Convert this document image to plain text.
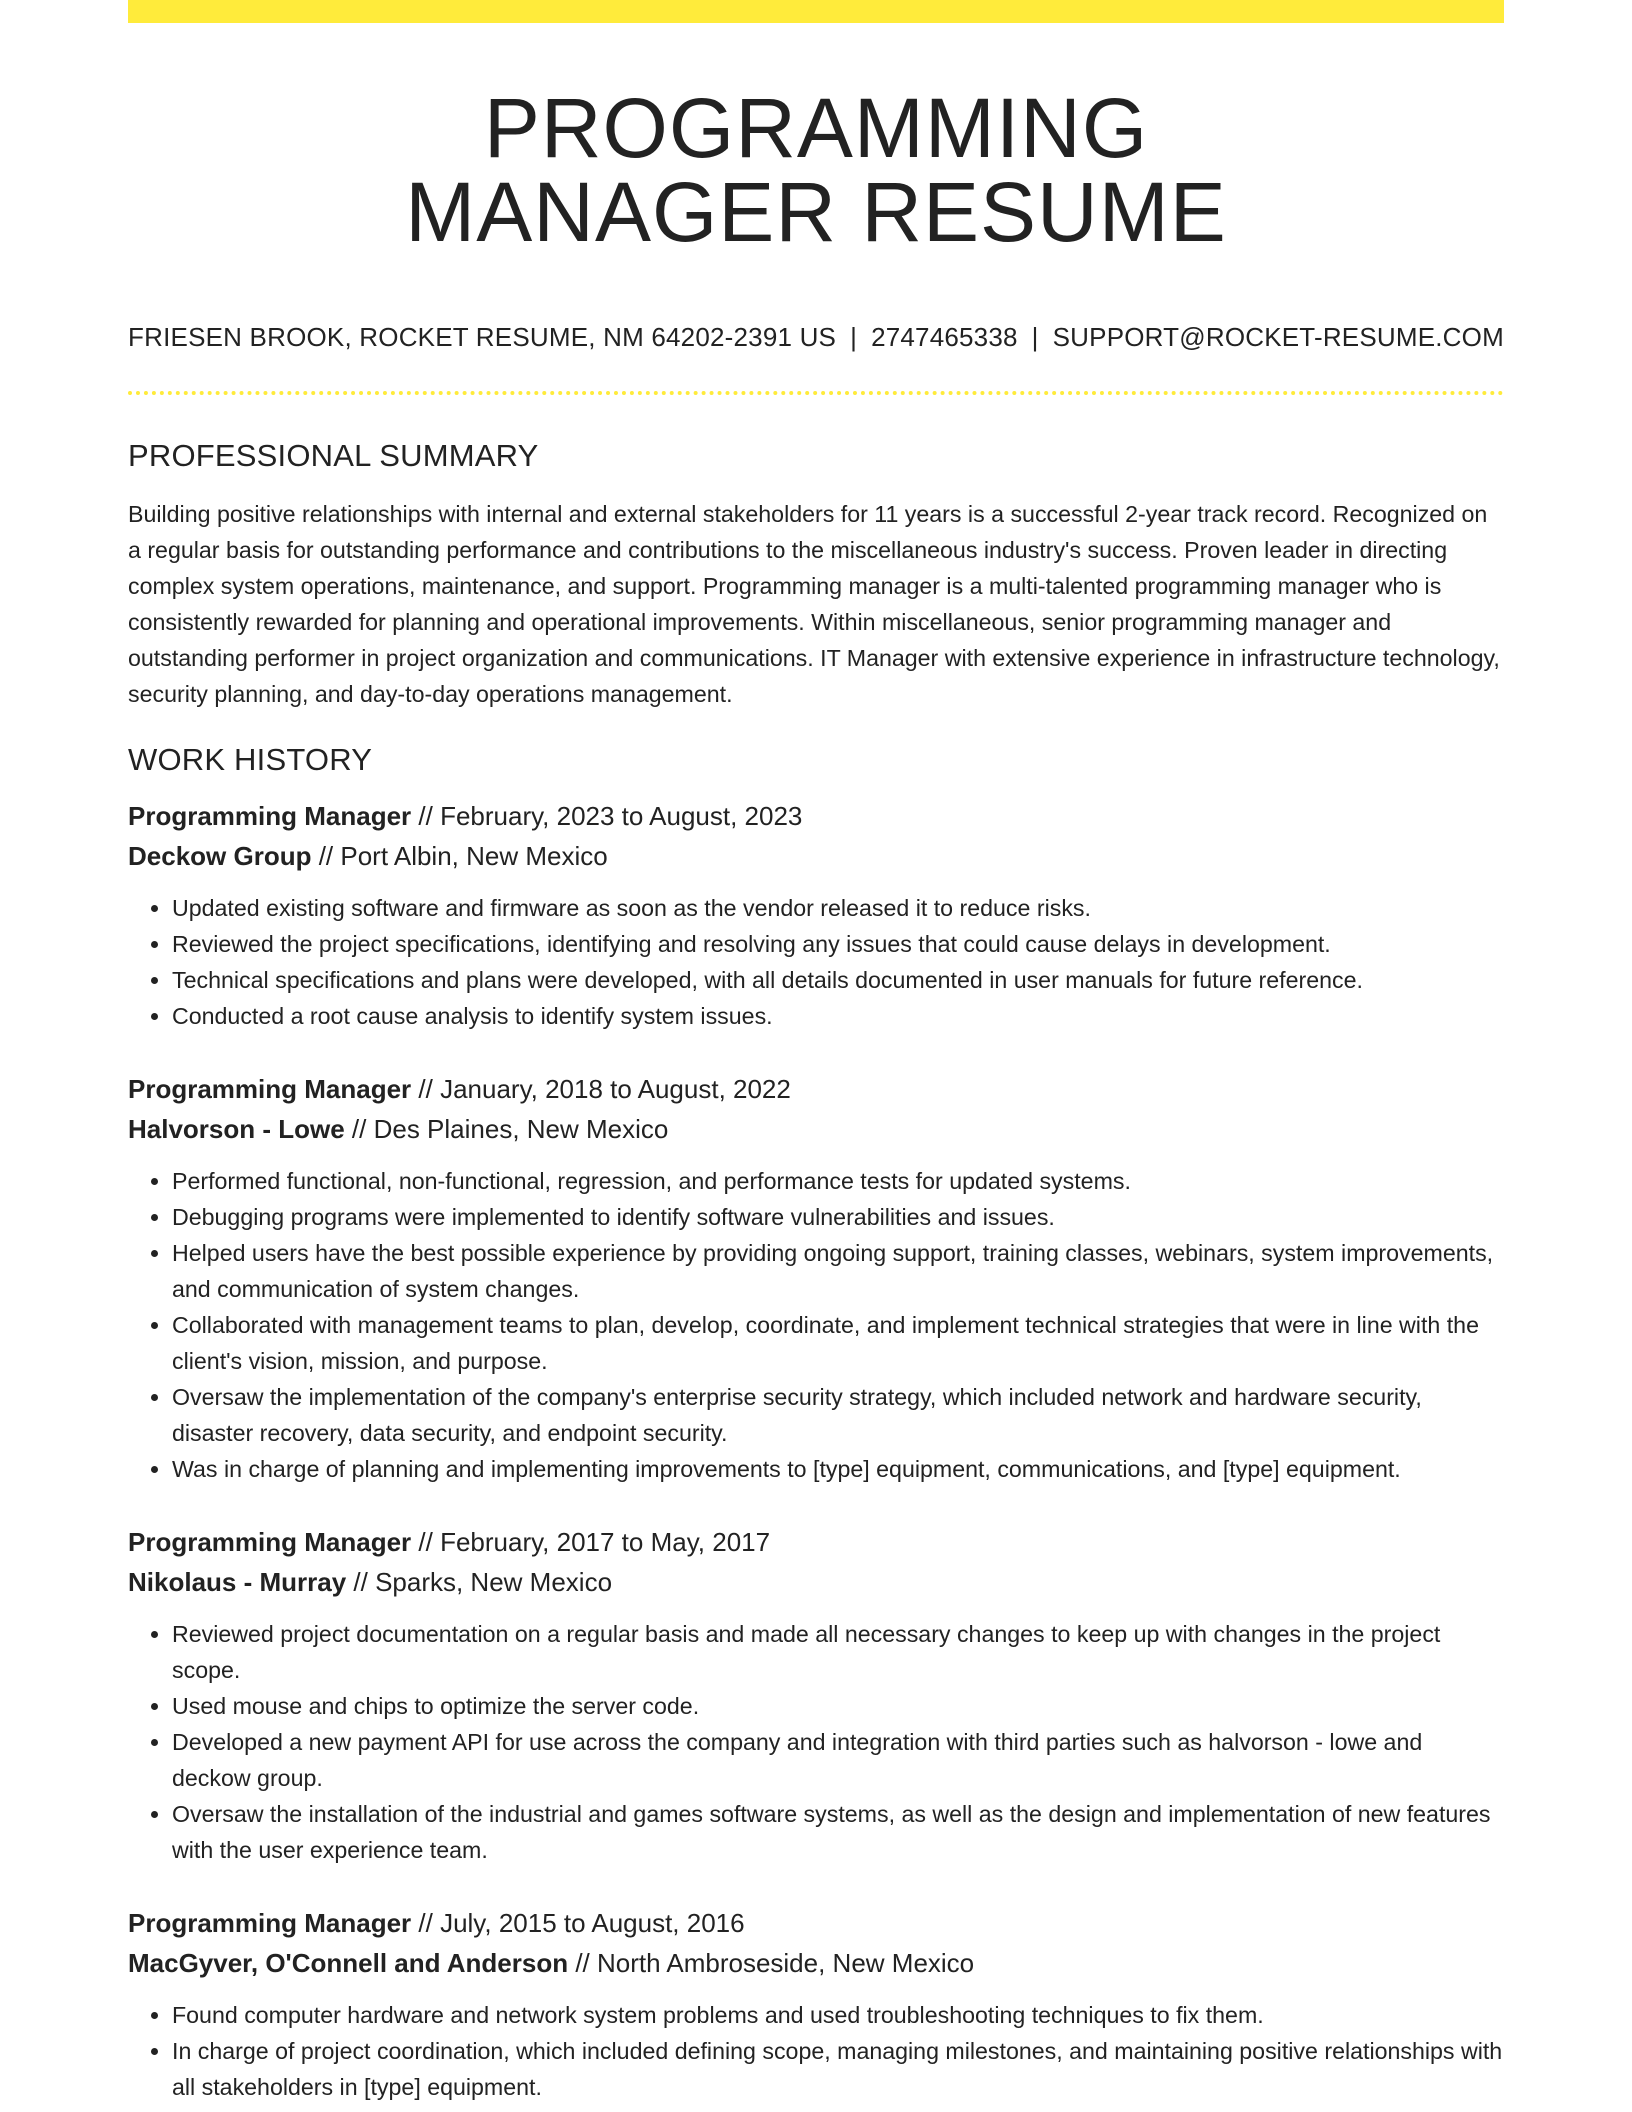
PROGRAMMING
MANAGER RESUME
FRIESEN BROOK, ROCKET RESUME, NM 64202-2391 US | 2747465338 | SUPPORT@ROCKET-RESUME.COM
PROFESSIONAL SUMMARY

Building positive relationships with internal and external stakeholders for 11 years is a successful 2-year track record. Recognized on a regular basis for outstanding performance and contributions to the miscellaneous industry's success. Proven leader in directing complex system operations, maintenance, and support. Programming manager is a multi-talented programming manager who is consistently rewarded for planning and operational improvements. Within miscellaneous, senior programming manager and outstanding performer in project organization and communications. IT Manager with extensive experience in infrastructure technology, security planning, and day-to-day operations management.

WORK HISTORY
Programming Manager // February, 2023 to August, 2023
Deckow Group // Port Albin, New Mexico
• Updated existing software and firmware as soon as the vendor released it to reduce risks.
• Reviewed the project specifications, identifying and resolving any issues that could cause delays in development.
• Technical specifications and plans were developed, with all details documented in user manuals for future reference.
• Conducted a root cause analysis to identify system issues.
Programming Manager // January, 2018 to August, 2022
Halvorson - Lowe // Des Plaines, New Mexico
• Performed functional, non-functional, regression, and performance tests for updated systems.
• Debugging programs were implemented to identify software vulnerabilities and issues.
• Helped users have the best possible experience by providing ongoing support, training classes, webinars, system improvements, and communication of system changes.
• Collaborated with management teams to plan, develop, coordinate, and implement technical strategies that were in line with the client's vision, mission, and purpose.
• Oversaw the implementation of the company's enterprise security strategy, which included network and hardware security, disaster recovery, data security, and endpoint security.
• Was in charge of planning and implementing improvements to [type] equipment, communications, and [type] equipment.
Programming Manager // February, 2017 to May, 2017
Nikolaus - Murray // Sparks, New Mexico
• Reviewed project documentation on a regular basis and made all necessary changes to keep up with changes in the project scope.
• Used mouse and chips to optimize the server code.
• Developed a new payment API for use across the company and integration with third parties such as halvorson - lowe and deckow group.
• Oversaw the installation of the industrial and games software systems, as well as the design and implementation of new features with the user experience team.
Programming Manager // July, 2015 to August, 2016
MacGyver, O'Connell and Anderson // North Ambroseside, New Mexico
• Found computer hardware and network system problems and used troubleshooting techniques to fix them.
• In charge of project coordination, which included defining scope, managing milestones, and maintaining positive relationships with all stakeholders in [type] equipment.
